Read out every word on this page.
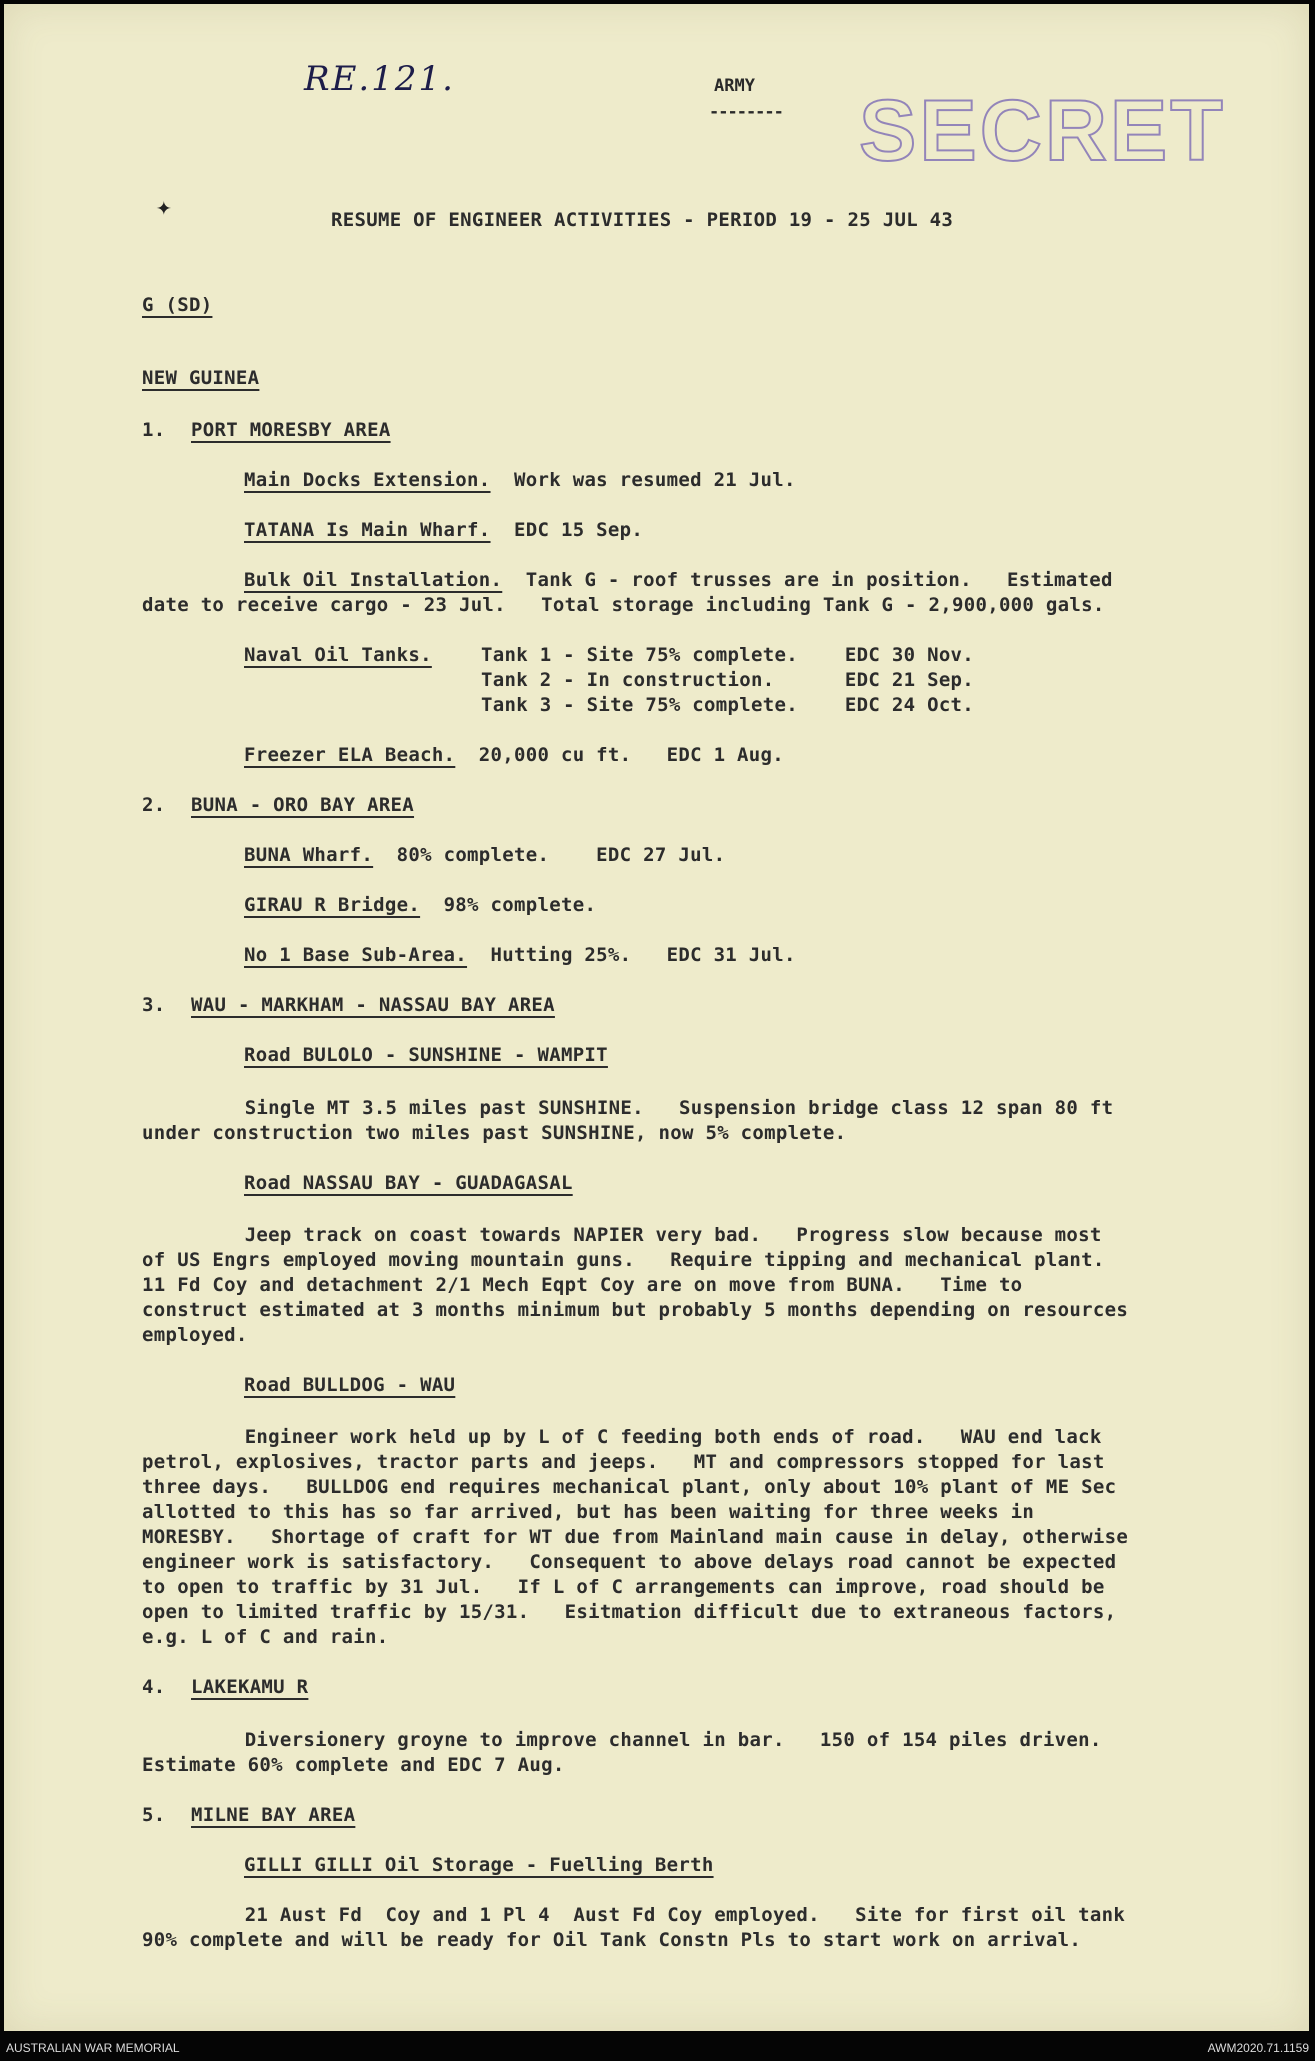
RE.121.	ARMY
-------- SECRET
✦	RESUME OF ENGINEER ACTIVITIES - PERIOD 19 - 25 JUL 43
G (SD)
NEW GUINEA
1. PORT MORESBY AREA
Main Docks Extension.  Work was resumed 21 Jul.
TATANA Is Main Wharf.  EDC 15 Sep.
Bulk Oil Installation.  Tank G - roof trusses are in position.   Estimated
date to receive cargo - 23 Jul.   Total storage including Tank G - 2,900,000 gals.
Naval Oil Tanks.	Tank 1 - Site 75% complete.    EDC 30 Nov.
Tank 2 - In construction.      EDC 21 Sep.
Tank 3 - Site 75% complete.    EDC 24 Oct.
Freezer ELA Beach.  20,000 cu ft.   EDC 1 Aug.
2. BUNA - ORO BAY AREA
BUNA Wharf.  80% complete.    EDC 27 Jul.
GIRAU R Bridge.  98% complete.
No 1 Base Sub-Area.  Hutting 25%.   EDC 31 Jul.
3. WAU - MARKHAM - NASSAU BAY AREA
Road BULOLO - SUNSHINE - WAMPIT
Single MT 3.5 miles past SUNSHINE.   Suspension bridge class 12 span 80 ft
under construction two miles past SUNSHINE, now 5% complete.
Road NASSAU BAY - GUADAGASAL
Jeep track on coast towards NAPIER very bad.   Progress slow because most
of US Engrs employed moving mountain guns.   Require tipping and mechanical plant.
11 Fd Coy and detachment 2/1 Mech Eqpt Coy are on move from BUNA.   Time to
construct estimated at 3 months minimum but probably 5 months depending on resources
employed.
Road BULLDOG - WAU
Engineer work held up by L of C feeding both ends of road.   WAU end lack
petrol, explosives, tractor parts and jeeps.   MT and compressors stopped for last
three days.   BULLDOG end requires mechanical plant, only about 10% plant of ME Sec
allotted to this has so far arrived, but has been waiting for three weeks in
MORESBY.   Shortage of craft for WT due from Mainland main cause in delay, otherwise
engineer work is satisfactory.   Consequent to above delays road cannot be expected
to open to traffic by 31 Jul.   If L of C arrangements can improve, road should be
open to limited traffic by 15/31.   Esitmation difficult due to extraneous factors,
e.g. L of C and rain.
4. LAKEKAMU R
Diversionery groyne to improve channel in bar.   150 of 154 piles driven.
Estimate 60% complete and EDC 7 Aug.
5. MILNE BAY AREA
GILLI GILLI Oil Storage - Fuelling Berth
21 Aust Fd  Coy and 1 Pl 4  Aust Fd Coy employed.   Site for first oil tank
90% complete and will be ready for Oil Tank Constn Pls to start work on arrival.
AUSTRALIAN WAR MEMORIAL	AWM2020.71.1159
